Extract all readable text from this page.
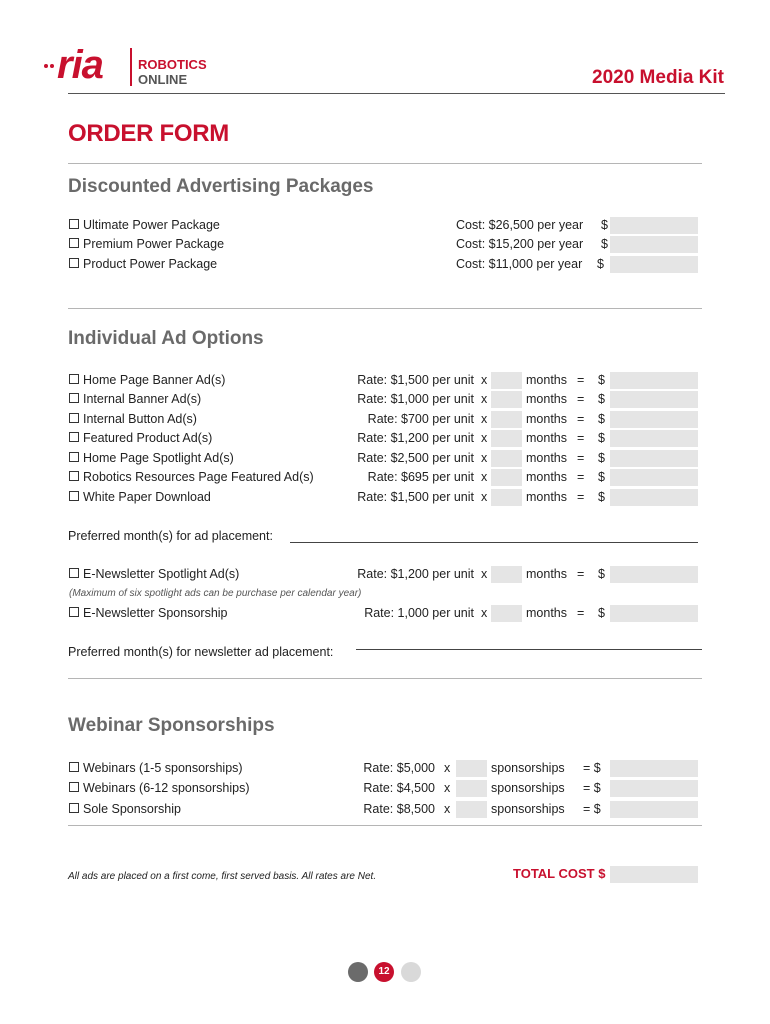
ria	ROBOTICS
ONLINE	2020 Media Kit
ORDER FORM
Discounted Advertising Packages
Ultimate Power Package	Cost: $26,500 per year $
Premium Power Package	Cost: $15,200 per year $
Product Power Package	Cost: $11,000 per year $
Individual Ad Options
Home Page Banner Ad(s)	Rate: $1,500 per unit x	months = $
Internal Banner Ad(s)	Rate: $1,000 per unit x	months = $
Internal Button Ad(s)	Rate: $700 per unit x	months = $
Featured Product Ad(s)	Rate: $1,200 per unit x	months = $
Home Page Spotlight Ad(s)	Rate: $2,500 per unit x	months = $
Robotics Resources Page Featured Ad(s)	Rate: $695 per unit x	months = $
White Paper Download	Rate: $1,500 per unit x	months = $
Preferred month(s) for ad placement:
E-Newsletter Spotlight Ad(s)	Rate: $1,200 per unit x	months = $
(Maximum of six spotlight ads can be purchase per calendar year)
E-Newsletter Sponsorship	Rate: 1,000 per unit x	months = $
Preferred month(s) for newsletter ad placement:
Webinar Sponsorships
Webinars (1-5 sponsorships)	Rate: $5,000 x	sponsorships = $
Webinars (6-12 sponsorships)	Rate: $4,500 x	sponsorships = $
Sole Sponsorship	Rate: $8,500 x	sponsorships = $
All ads are placed on a first come, first served basis. All rates are Net.	TOTAL COST $
12
